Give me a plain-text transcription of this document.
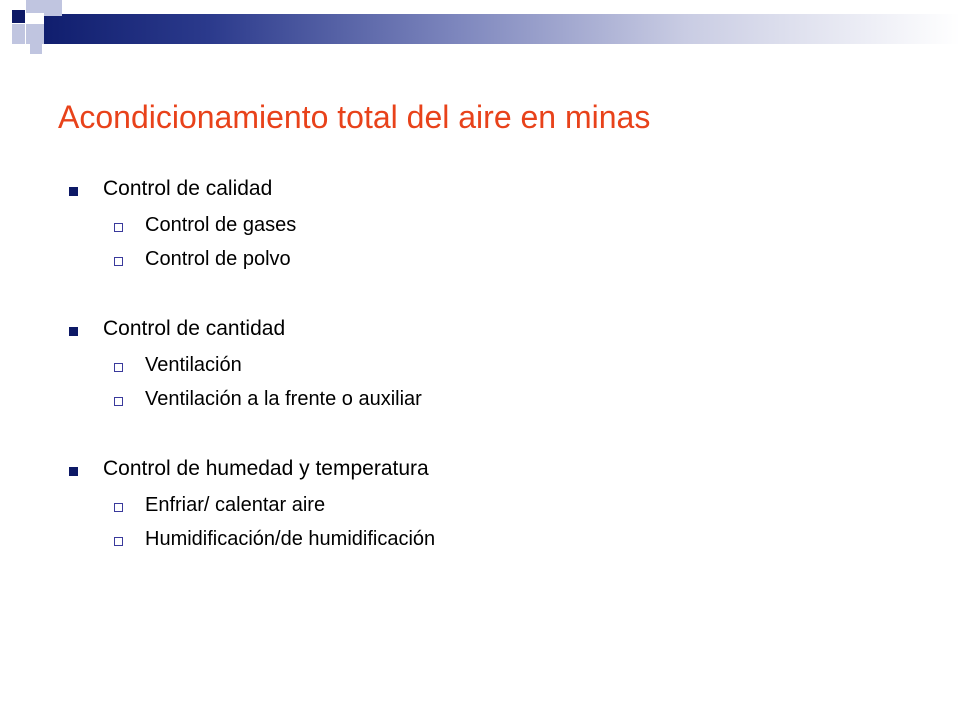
Acondicionamiento total del aire en minas
Control de calidad
Control de gases
Control de polvo
Control de cantidad
Ventilación
Ventilación a la frente o auxiliar
Control de humedad y temperatura
Enfriar/ calentar aire
Humidificación/de humidificación
